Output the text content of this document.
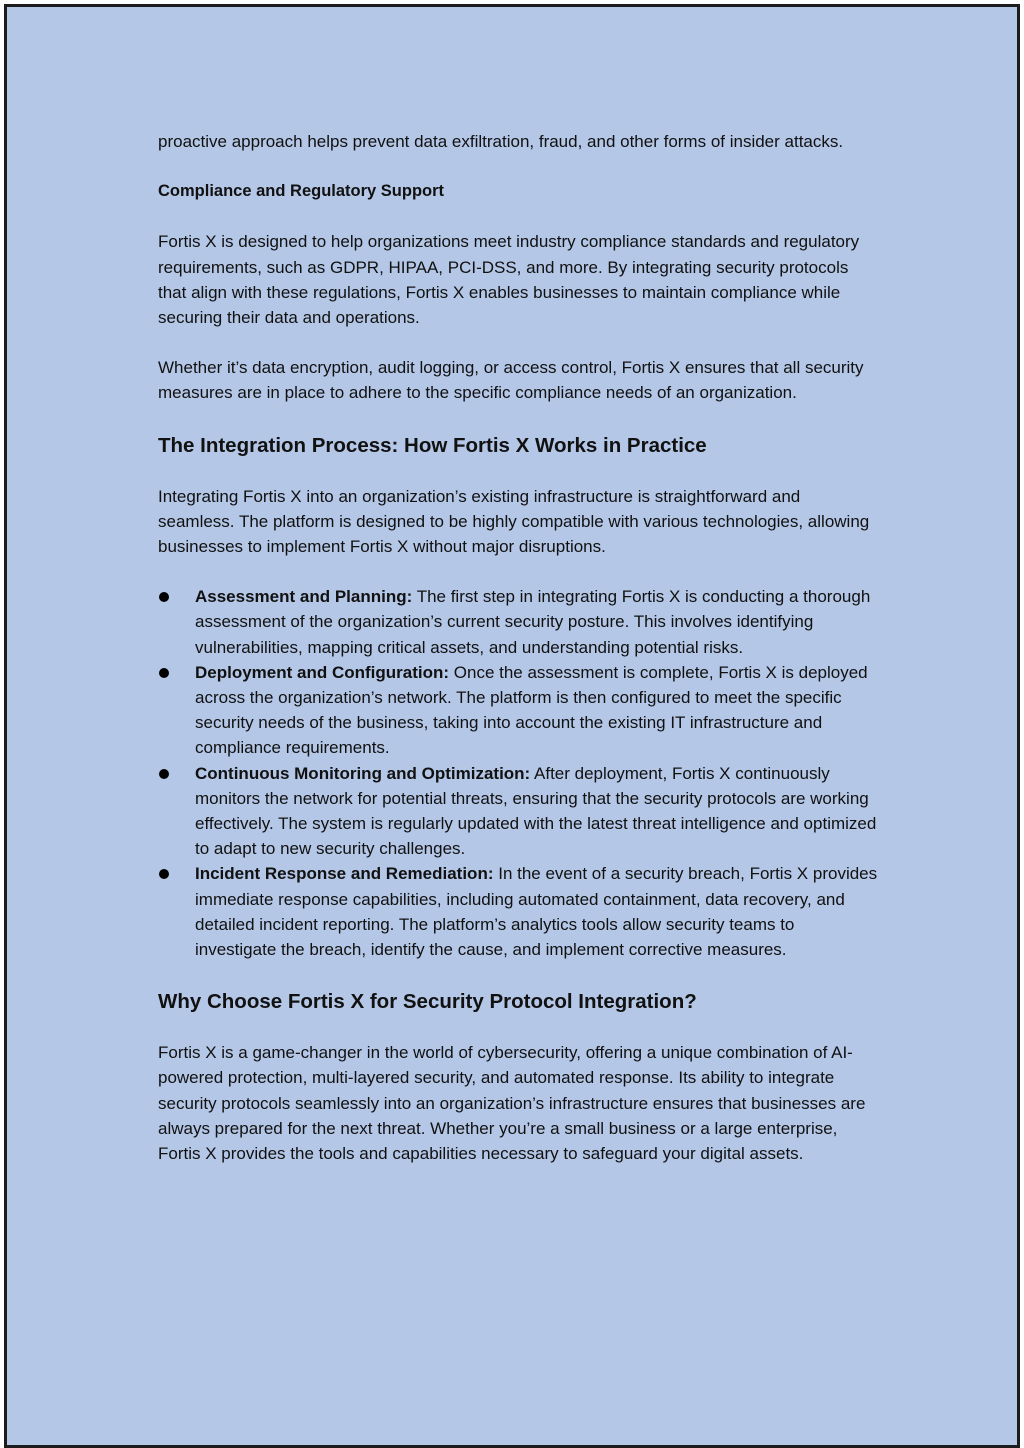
proactive approach helps prevent data exfiltration, fraud, and other forms of insider attacks.

Compliance and Regulatory Support

Fortis X is designed to help organizations meet industry compliance standards and regulatory requirements, such as GDPR, HIPAA, PCI-DSS, and more. By integrating security protocols that align with these regulations, Fortis X enables businesses to maintain compliance while securing their data and operations.

Whether it’s data encryption, audit logging, or access control, Fortis X ensures that all security measures are in place to adhere to the specific compliance needs of an organization.

The Integration Process: How Fortis X Works in Practice

Integrating Fortis X into an organization’s existing infrastructure is straightforward and seamless. The platform is designed to be highly compatible with various technologies, allowing businesses to implement Fortis X without major disruptions.

Assessment and Planning: The first step in integrating Fortis X is conducting a thorough assessment of the organization’s current security posture. This involves identifying vulnerabilities, mapping critical assets, and understanding potential risks.
Deployment and Configuration: Once the assessment is complete, Fortis X is deployed across the organization’s network. The platform is then configured to meet the specific security needs of the business, taking into account the existing IT infrastructure and compliance requirements.
Continuous Monitoring and Optimization: After deployment, Fortis X continuously monitors the network for potential threats, ensuring that the security protocols are working effectively. The system is regularly updated with the latest threat intelligence and optimized to adapt to new security challenges.
Incident Response and Remediation: In the event of a security breach, Fortis X provides immediate response capabilities, including automated containment, data recovery, and detailed incident reporting. The platform’s analytics tools allow security teams to investigate the breach, identify the cause, and implement corrective measures.
Why Choose Fortis X for Security Protocol Integration?

Fortis X is a game-changer in the world of cybersecurity, offering a unique combination of AI-powered protection, multi-layered security, and automated response. Its ability to integrate security protocols seamlessly into an organization’s infrastructure ensures that businesses are always prepared for the next threat. Whether you’re a small business or a large enterprise, Fortis X provides the tools and capabilities necessary to safeguard your digital assets.
